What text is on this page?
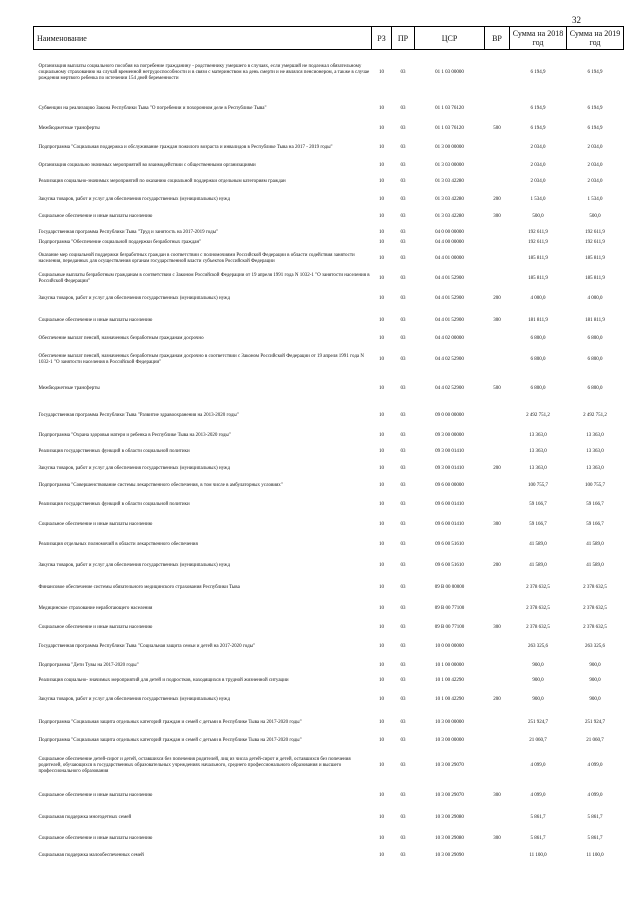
32
Наименование	РЗ	ПР	ЦСР	ВР	Сумма на 2018 год	Сумма на 2019 год
Организация выплаты социального пособия на погребение гражданину - родственнику умершего в случаях, если умерший не подлежал обязательному социальному страхованию на случай временной нетрудоспособности и в связи с материнством на день смерти и не являлся пенсионером, а также в случае рождения мертвого ребенка по истечении 154 дней беременности	10	03	01 1 03 00000		6 194,9	6 194,9
Субвенции на реализацию Закона Республики Тыва "О погребении и похоронном деле в Республике Тыва"	10	03	01 1 03 76120		6 194,9	6 194,9
Межбюджетные трансферты	10	03	01 1 03 76120	500	6 194,9	6 194,9
Подпрограмма "Социальная поддержка и обслуживание граждан пожилого возраста и инвалидов в Республике Тыва на 2017 - 2019 годы"	10	03	01 3 00 00000		2 034,0	2 034,0
Организация социально значимых мероприятий во взаимодействии с общественными организациями	10	03	01 3 03 00000		2 034,0	2 034,0
Реализация социально-значимых мероприятий по оказанию социальной поддержки отдельным категориям граждан	10	03	01 3 03 42280		2 034,0	2 034,0
Закупка товаров, работ и услуг для обеспечения государственных (муниципальных) нужд	10	03	01 3 03 42280	200	1 534,0	1 534,0
Социальное обеспечение и иные выплаты населению	10	03	01 3 03 42280	300	500,0	500,0
Государственная программа Республики Тыва "Труд и занятость на 2017-2019 годы"	10	03	04 0 00 00000		192 611,9	192 611,9
Подпрограмма "Обеспечение социальной поддержки безработных граждан"	10	03	04 4 00 00000		192 611,9	192 611,9
Оказание мер социальной поддержки безработных граждан в соответствии с полномочиями Российской Федерации в области содействия занятости населения, переданных для осуществления органам государственной власти субъектов Российской Федерации	10	03	04 4 01 00000		185 811,9	185 811,9
Социальные выплаты безработным гражданам в соответствии с Законом Российской Федерации от 19 апреля 1991 года N 1032-1 "О занятости населения в Российской Федерации"	10	03	04 4 01 52900		185 811,9	185 811,9
Закупка товаров, работ и услуг для обеспечения государственных (муниципальных) нужд	10	03	04 4 01 52900	200	4 000,0	4 000,0
Социальное обеспечение и иные выплаты населению	10	03	04 4 01 52900	300	181 811,9	181 811,9
Обеспечение выплат пенсий, назначенных безработным гражданам досрочно	10	03	04 4 02 00000		6 800,0	6 800,0
Обеспечение выплат пенсий, назначенных безработным гражданам досрочно в соответствии с Законом Российской Федерации от 19 апреля 1991 года N 1032-1 "О занятости населения в Российской Федерации"	10	03	04 4 02 52900		6 800,0	6 800,0
Межбюджетные трансферты	10	03	04 4 02 52900	500	6 800,0	6 800,0
Государственная программа Республики Тыва "Развитие здравоохранения на 2013-2020 годы"	10	03	09 0 00 00000		2 492 751,2	2 492 751,2
Подпрограмма "Охрана здоровья матери и ребенка в Республике Тыва на 2013-2020 годы"	10	03	09 3 00 00000		13 363,0	13 363,0
Реализация государственных функций в области социальной политики	10	03	09 3 00 01410		13 363,0	13 363,0
Закупка товаров, работ и услуг для обеспечения государственных (муниципальных) нужд	10	03	09 3 00 01410	200	13 363,0	13 363,0
Подпрограмма "Совершенствование системы лекарственного обеспечения, в том числе в амбулаторных условиях"	10	03	09 6 00 00000		100 755,7	100 755,7
Реализация государственных функций в области социальной политики	10	03	09 6 00 01410		59 166,7	59 166,7
Социальное обеспечение и иные выплаты населению	10	03	09 6 00 01410	300	59 166,7	59 166,7
Реализация отдельных полномочий в области лекарственного обеспечения	10	03	09 6 00 51610		41 589,0	41 589,0
Закупка товаров, работ и услуг для обеспечения государственных (муниципальных) нужд	10	03	09 6 00 51610	200	41 589,0	41 589,0
Финансовое обеспечение системы обязательного медицинского страхования Республики Тыва	10	03	09 В 00 00000		2 378 632,5	2 378 632,5
Медицинское страхование неработающего населения	10	03	09 В 00 77100		2 378 632,5	2 378 632,5
Социальное обеспечение и иные выплаты населению	10	03	09 В 00 77100	300	2 378 632,5	2 378 632,5
Государственная программа Республики Тыва "Социальная защита семьи и детей на 2017-2020 годы"	10	03	10 0 00 00000		263 325,6	263 325,6
Подпрограмма "Дети Тувы на 2017-2020 годы"	10	03	10 1 00 00000		900,0	900,0
Реализация социально- значимых мероприятий для детей и подростков, находящихся в трудной жизненной ситуации	10	03	10 1 00 42290		900,0	900,0
Закупка товаров, работ и услуг для обеспечения государственных (муниципальных) нужд	10	03	10 1 00 42290	200	900,0	900,0
Подпрограмма "Социальная защита отдельных категорий граждан и семей с детьми в Республике Тыва на 2017-2020 годы"	10	03	10 3 00 00000		251 924,7	251 924,7
Подпрограмма "Социальная защита отдельных категорий граждан и семей с детьми в Республике Тыва на 2017-2020 годы"	10	03	10 3 00 00000		21 060,7	21 060,7
Социальное обеспечение детей-сирот и детей, оставшихся без попечения родителей, лиц из числа детей-сирот и детей, оставшихся без попечения родителей, обучающихся в государственных образовательных учреждениях начального, среднего профессионального образования и высшего профессионального образования	10	03	10 3 00 29070		4 099,0	4 099,0
Социальное обеспечение и иные выплаты населению	10	03	10 3 00 29070	300	4 099,0	4 099,0
Социальная поддержка многодетных семей	10	03	10 3 00 29080		5 861,7	5 861,7
Социальное обеспечение и иные выплаты населению	10	03	10 3 00 29080	300	5 861,7	5 861,7
Социальная поддержка малообеспеченных семей	10	03	10 3 00 29090		11 100,0	11 100,0
